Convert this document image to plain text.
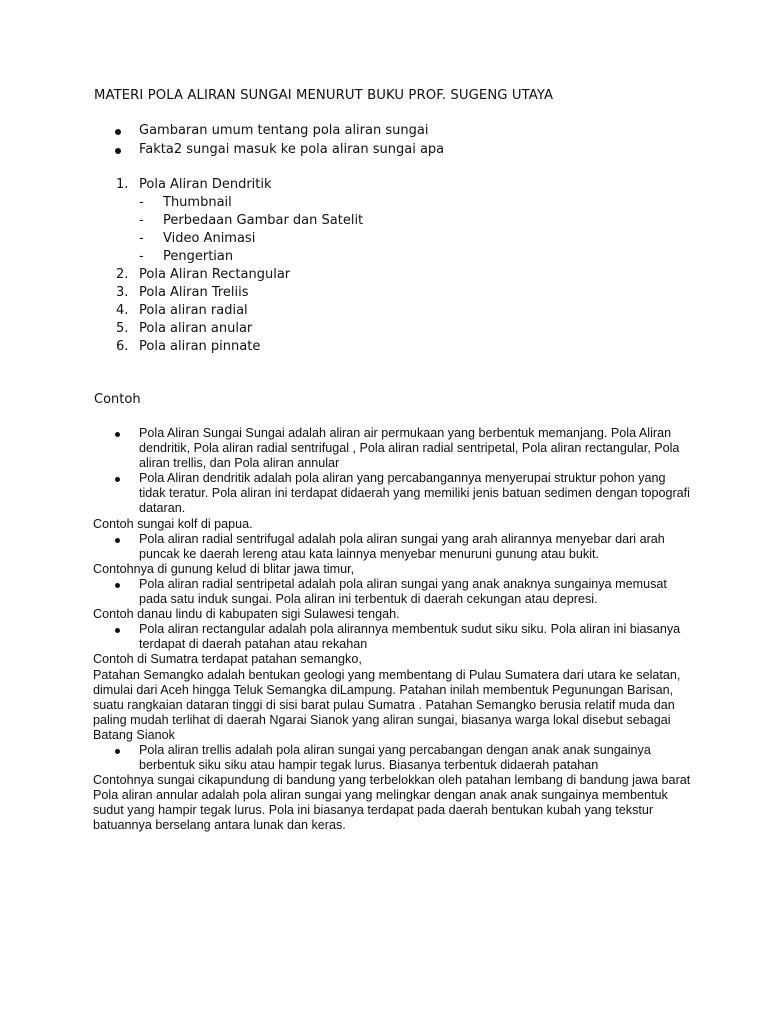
MATERI POLA ALIRAN SUNGAI MENURUT BUKU PROF. SUGENG UTAYA
Gambaran umum tentang pola aliran sungai
Fakta2 sungai masuk ke pola aliran sungai apa
1. Pola Aliran Dendritik
- Thumbnail
- Perbedaan Gambar dan Satelit
- Video Animasi
- Pengertian
2. Pola Aliran Rectangular
3. Pola Aliran Treliis
4. Pola aliran radial
5. Pola aliran anular
6. Pola aliran pinnate
Contoh
Pola Aliran Sungai Sungai adalah aliran air permukaan yang berbentuk memanjang. Pola Aliran dendritik, Pola aliran radial sentrifugal , Pola aliran radial sentripetal, Pola aliran rectangular, Pola aliran trellis, dan Pola aliran annular
Pola Aliran dendritik adalah pola aliran yang percabangannya menyerupai struktur pohon yang tidak teratur. Pola aliran ini terdapat didaerah yang memiliki jenis batuan sedimen dengan topografi dataran.

Contoh sungai kolf di papua.

Pola aliran radial sentrifugal adalah pola aliran sungai yang arah alirannya menyebar dari arah puncak ke daerah lereng atau kata lainnya menyebar menuruni gunung atau bukit.

Contohnya di gunung kelud di blitar jawa timur,

Pola aliran radial sentripetal adalah pola aliran sungai yang anak anaknya sungainya memusat pada satu induk sungai. Pola aliran ini terbentuk di daerah cekungan atau depresi.

Contoh danau lindu di kabupaten sigi Sulawesi tengah.

Pola aliran rectangular adalah pola alirannya membentuk sudut siku siku. Pola aliran ini biasanya terdapat di daerah patahan atau rekahan

Contoh di Sumatra terdapat patahan semangko,

Patahan Semangko adalah bentukan geologi yang membentang di Pulau Sumatera dari utara ke selatan, dimulai dari Aceh hingga Teluk Semangka diLampung. Patahan inilah membentuk Pegunungan Barisan, suatu rangkaian dataran tinggi di sisi barat pulau Sumatra . Patahan Semangko berusia relatif muda dan paling mudah terlihat di daerah Ngarai Sianok yang aliran sungai, biasanya warga lokal disebut sebagai Batang Sianok

Pola aliran trellis adalah pola aliran sungai yang percabangan dengan anak anak sungainya berbentuk siku siku atau hampir tegak lurus. Biasanya terbentuk didaerah patahan

Contohnya sungai cikapundung di bandung yang terbelokkan oleh patahan lembang di bandung jawa barat Pola aliran annular adalah pola aliran sungai yang melingkar dengan anak anak sungainya membentuk sudut yang hampir tegak lurus. Pola ini biasanya terdapat pada daerah bentukan kubah yang tekstur batuannya berselang antara lunak dan keras.
